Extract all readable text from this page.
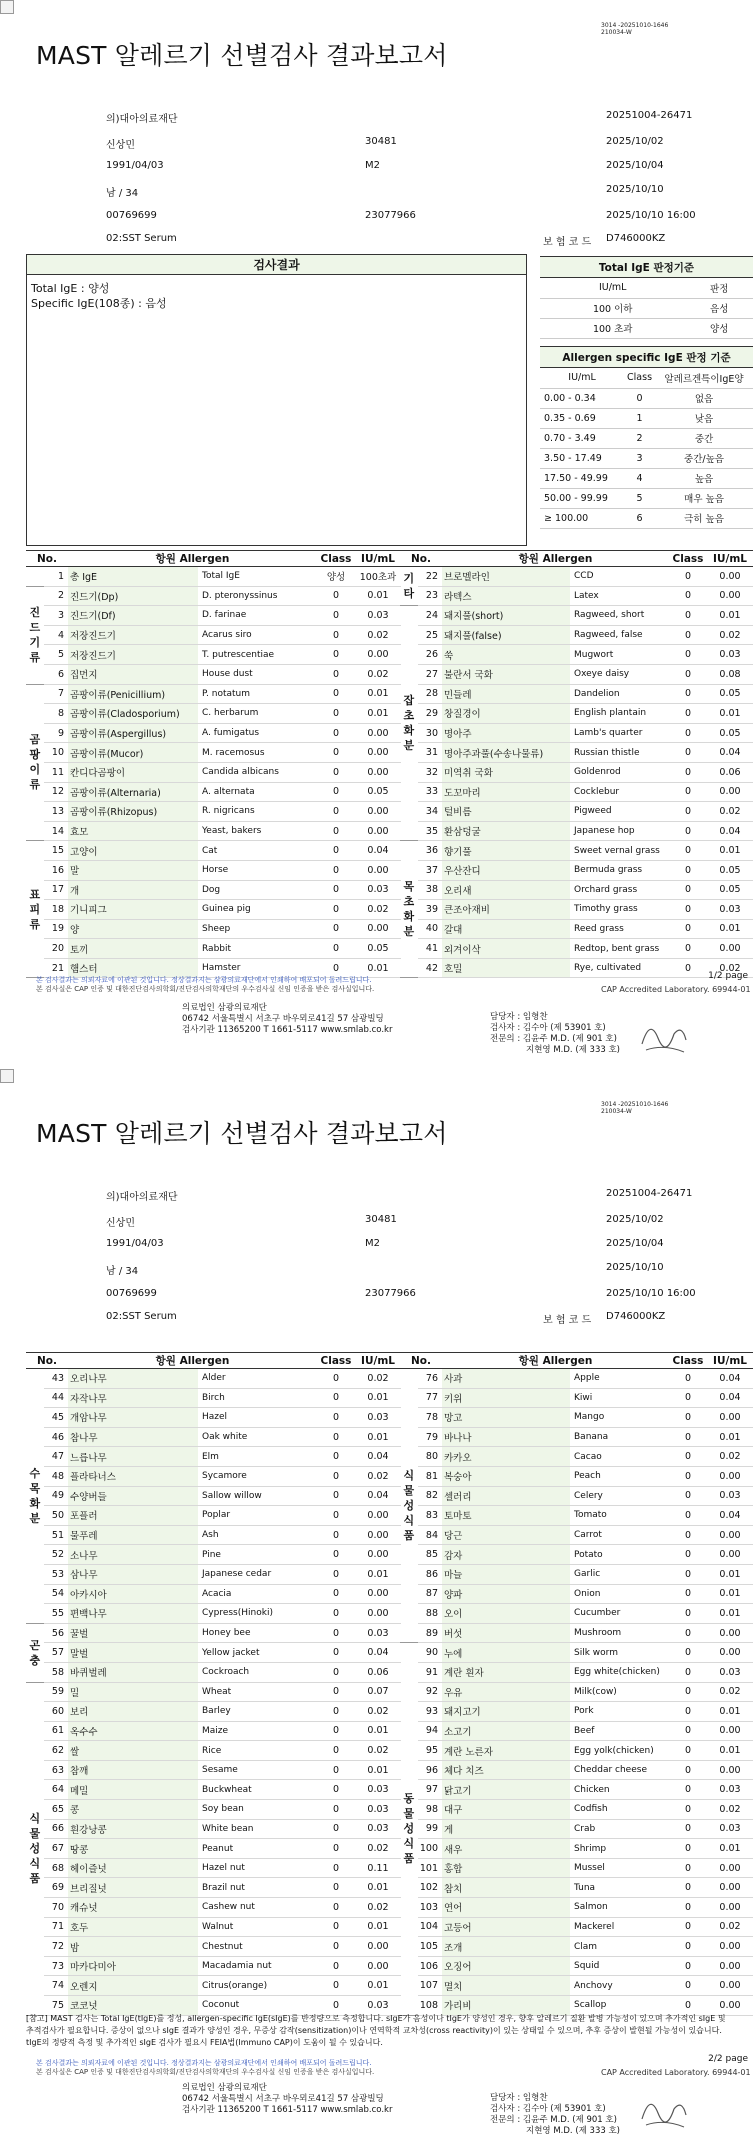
3014 -20251010-1646
210034-W
MAST 알레르기 선별검사 결과보고서
의)대아의료재단	20251004-26471
신상민	30481	2025/10/02
1991/04/03	M2	2025/10/04
남 / 34	2025/10/10
00769699	23077966	2025/10/10 16:00
02:SST Serum	보 험 코 드 D746000KZ
검사결과
Total IgE : 양성
Specific IgE(108종) : 음성
Total IgE 판정기준
IU/mL	판정
100 이하	음성
100 초과	양성
Allergen specific IgE 판정 기준
IU/mL	Class	알레르겐특이IgE양
0.00 - 0.34	0	없음
0.35 - 0.69	1	낮음
0.70 - 3.49	2	중간
3.50 - 17.49	3	중간/높음
17.50 - 49.99	4	높음
50.00 - 99.99	5	매우 높음
≥ 100.00	6	극히 높음
No.		항원 Allergen		Class	IU/mL
	1	총 IgE	Total IgE	양성	100초과
진
드
기
류	2	진드기(Dp)	D. pteronyssinus	0	0.01
	3	진드기(Df)	D. farinae	0	0.03
	4	저장진드기	Acarus siro	0	0.02
	5	저장진드기	T. putrescentiae	0	0.00
	6	집먼지	House dust	0	0.02
곰
팡
이
류	7	곰팡이류(Penicillium)	P. notatum	0	0.01
	8	곰팡이류(Cladosporium)	C. herbarum	0	0.01
	9	곰팡이류(Aspergillus)	A. fumigatus	0	0.00
	10	곰팡이류(Mucor)	M. racemosus	0	0.00
	11	칸디다곰팡이	Candida albicans	0	0.00
	12	곰팡이류(Alternaria)	A. alternata	0	0.05
	13	곰팡이류(Rhizopus)	R. nigricans	0	0.00
	14	효모	Yeast, bakers	0	0.00
표
피
류	15	고양이	Cat	0	0.04
	16	말	Horse	0	0.00
	17	개	Dog	0	0.03
	18	기니피그	Guinea pig	0	0.02
	19	양	Sheep	0	0.00
	20	토끼	Rabbit	0	0.05
	21	햄스터	Hamster	0	0.01
No.		항원 Allergen		Class	IU/mL
기
타	22	브로멜라인	CCD	0	0.00
	23	라텍스	Latex	0	0.00
잡
초
화
분	24	돼지풀(short)	Ragweed, short	0	0.01
	25	돼지풀(false)	Ragweed, false	0	0.02
	26	쑥	Mugwort	0	0.03
	27	불란서 국화	Oxeye daisy	0	0.08
	28	민들레	Dandelion	0	0.05
	29	창질경이	English plantain	0	0.01
	30	명아주	Lamb's quarter	0	0.05
	31	명아주과풀(수송나물류)	Russian thistle	0	0.04
	32	미역취 국화	Goldenrod	0	0.06
	33	도꼬마리	Cocklebur	0	0.00
	34	털비름	Pigweed	0	0.02
	35	환삼덩굴	Japanese hop	0	0.04
목
초
화
분	36	향기풀	Sweet vernal grass	0	0.01
	37	우산잔디	Bermuda grass	0	0.05
	38	오리새	Orchard grass	0	0.05
	39	큰조아재비	Timothy grass	0	0.03
	40	갈대	Reed grass	0	0.01
	41	외겨이삭	Redtop, bent grass	0	0.00
	42	호밀	Rye, cultivated	0	0.02
1/2 page
본 검사결과는 의뢰자료에 이관된 것입니다. 정상결과지는 삼광의료재단에서 인쇄하여 배포되어 돌려드립니다.
본 검사실은 CAP 인증 및 대한진단검사의학회/진단검사의학재단의 우수검사실 신임 인증을 받은 검사실입니다.	CAP Accredited Laboratory. 69944-01
의료법인 삼광의료재단
06742 서울특별시 서초구 바우뫼로41길 57 삼광빌딩
검사기관 11365200 T 1661-5117 www.smlab.co.kr
담당자 : 임형찬
검사자 : 김수아 (제 53901 호)
전문의 : 김윤주 M.D. (제 901 호)
지현영 M.D. (제 333 호)
3014 -20251010-1646
210034-W
MAST 알레르기 선별검사 결과보고서
의)대아의료재단	20251004-26471
신상민	30481	2025/10/02
1991/04/03	M2	2025/10/04
남 / 34	2025/10/10
00769699	23077966	2025/10/10 16:00
02:SST Serum	보 험 코 드 D746000KZ
No.		항원 Allergen		Class	IU/mL
수
목
화
분	43	오리나무	Alder	0	0.02
	44	자작나무	Birch	0	0.01
	45	개암나무	Hazel	0	0.03
	46	참나무	Oak white	0	0.01
	47	느릅나무	Elm	0	0.04
	48	플라타너스	Sycamore	0	0.02
	49	수양버들	Sallow willow	0	0.04
	50	포플러	Poplar	0	0.00
	51	물푸레	Ash	0	0.00
	52	소나무	Pine	0	0.00
	53	삼나무	Japanese cedar	0	0.01
	54	아카시아	Acacia	0	0.00
	55	편백나무	Cypress(Hinoki)	0	0.00
곤
충	56	꿀벌	Honey bee	0	0.03
	57	말벌	Yellow jacket	0	0.04
	58	바퀴벌레	Cockroach	0	0.06
식
물
성
식
품	59	밀	Wheat	0	0.07
	60	보리	Barley	0	0.02
	61	옥수수	Maize	0	0.01
	62	쌀	Rice	0	0.02
	63	참깨	Sesame	0	0.01
	64	메밀	Buckwheat	0	0.03
	65	콩	Soy bean	0	0.03
	66	흰강낭콩	White bean	0	0.03
	67	땅콩	Peanut	0	0.02
	68	헤이즐넛	Hazel nut	0	0.11
	69	브리질넛	Brazil nut	0	0.01
	70	캐슈넛	Cashew nut	0	0.02
	71	호두	Walnut	0	0.01
	72	밤	Chestnut	0	0.00
	73	마카다미아	Macadamia nut	0	0.00
	74	오렌지	Citrus(orange)	0	0.01
	75	코코넛	Coconut	0	0.03
No.		항원 Allergen		Class	IU/mL
식
물
성
식
품	76	사과	Apple	0	0.04
	77	키위	Kiwi	0	0.04
	78	망고	Mango	0	0.00
	79	바나나	Banana	0	0.01
	80	카카오	Cacao	0	0.02
	81	복숭아	Peach	0	0.00
	82	셀러리	Celery	0	0.03
	83	토마토	Tomato	0	0.04
	84	당근	Carrot	0	0.00
	85	감자	Potato	0	0.00
	86	마늘	Garlic	0	0.01
	87	양파	Onion	0	0.01
	88	오이	Cucumber	0	0.01
	89	버섯	Mushroom	0	0.00
동
물
성
식
품	90	누에	Silk worm	0	0.00
	91	계란 흰자	Egg white(chicken)	0	0.03
	92	우유	Milk(cow)	0	0.02
	93	돼지고기	Pork	0	0.01
	94	소고기	Beef	0	0.00
	95	계란 노른자	Egg yolk(chicken)	0	0.01
	96	체다 치즈	Cheddar cheese	0	0.00
	97	닭고기	Chicken	0	0.03
	98	대구	Codfish	0	0.02
	99	게	Crab	0	0.03
	100	새우	Shrimp	0	0.01
	101	홍합	Mussel	0	0.00
	102	참치	Tuna	0	0.00
	103	연어	Salmon	0	0.00
	104	고등어	Mackerel	0	0.02
	105	조개	Clam	0	0.00
	106	오징어	Squid	0	0.00
	107	멸치	Anchovy	0	0.00
	108	가리비	Scallop	0	0.00
[참고] MAST 검사는 Total IgE(tIgE)를 정성, allergen-specific IgE(sIgE)를 반정량으로 측정합니다. sIgE가 음성이나 tIgE가 양성인 경우, 향후 알레르기 질환 발병 가능성이 있으며 추가적인 sIgE 및 추적검사가 필요합니다. 증상이 없으나 sIgE 결과가 양성인 경우, 무증상 감작(sensitization)이나 연역학적 교차성(cross reactivity)이 있는 상태일 수 있으며, 추후 증상이 발현될 가능성이 있습니다. tIgE의 정량적 측정 및 추가적인 sIgE 검사가 필요시 FEIA법(Immuno CAP)이 도움이 될 수 있습니다.
2/2 page
본 검사결과는 의뢰자료에 이관된 것입니다. 정상결과지는 삼광의료재단에서 인쇄하여 배포되어 돌려드립니다.
본 검사실은 CAP 인증 및 대한진단검사의학회/진단검사의학재단의 우수검사실 신임 인증을 받은 검사실입니다.	CAP Accredited Laboratory. 69944-01
의료법인 삼광의료재단
06742 서울특별시 서초구 바우뫼로41길 57 삼광빌딩
검사기관 11365200 T 1661-5117 www.smlab.co.kr
담당자 : 임형찬
검사자 : 김수아 (제 53901 호)
전문의 : 김윤주 M.D. (제 901 호)
지현영 M.D. (제 333 호)
